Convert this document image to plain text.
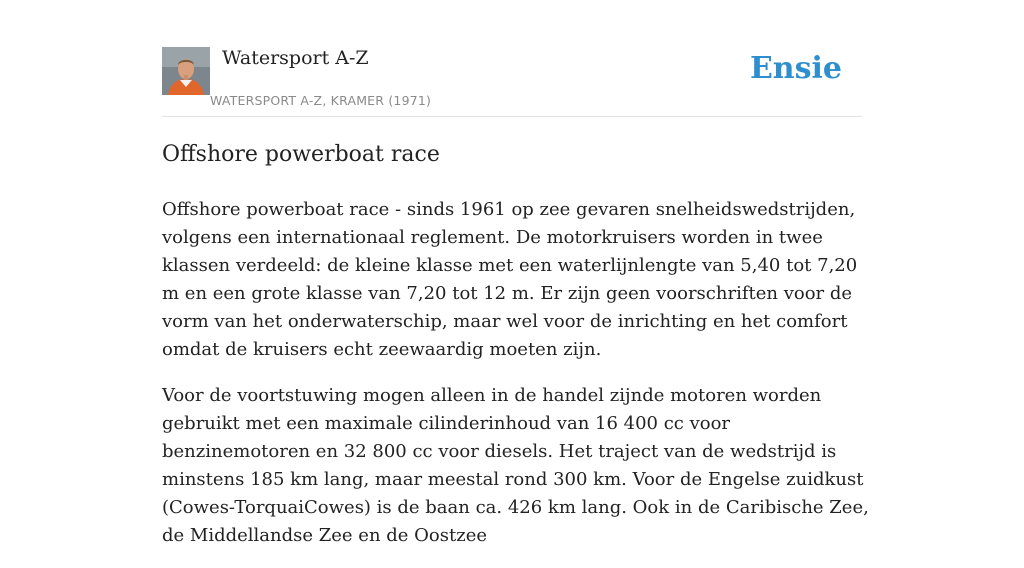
Watersport A-Z
WATERSPORT A-Z, KRAMER (1971)
Ensie
Offshore powerboat race

Offshore powerboat race - sinds 1961 op zee gevaren snelheidswedstrijden, volgens een internationaal reglement. De motorkruisers worden in twee klassen verdeeld: de kleine klasse met een waterlijnlengte van 5,40 tot 7,20 m en een grote klasse van 7,20 tot 12 m. Er zijn geen voorschriften voor de vorm van het onderwaterschip, maar wel voor de inrichting en het comfort omdat de kruisers echt zeewaardig moeten zijn.

Voor de voortstuwing mogen alleen in de handel zijnde motoren worden gebruikt met een maximale cilinderinhoud van 16 400 cc voor benzinemotoren en 32 800 cc voor diesels. Het traject van de wedstrijd is minstens 185 km lang, maar meestal rond 300 km. Voor de Engelse zuidkust (Cowes-TorquaiCowes) is de baan ca. 426 km lang. Ook in de Caribische Zee, de Middellandse Zee en de Oostzee
